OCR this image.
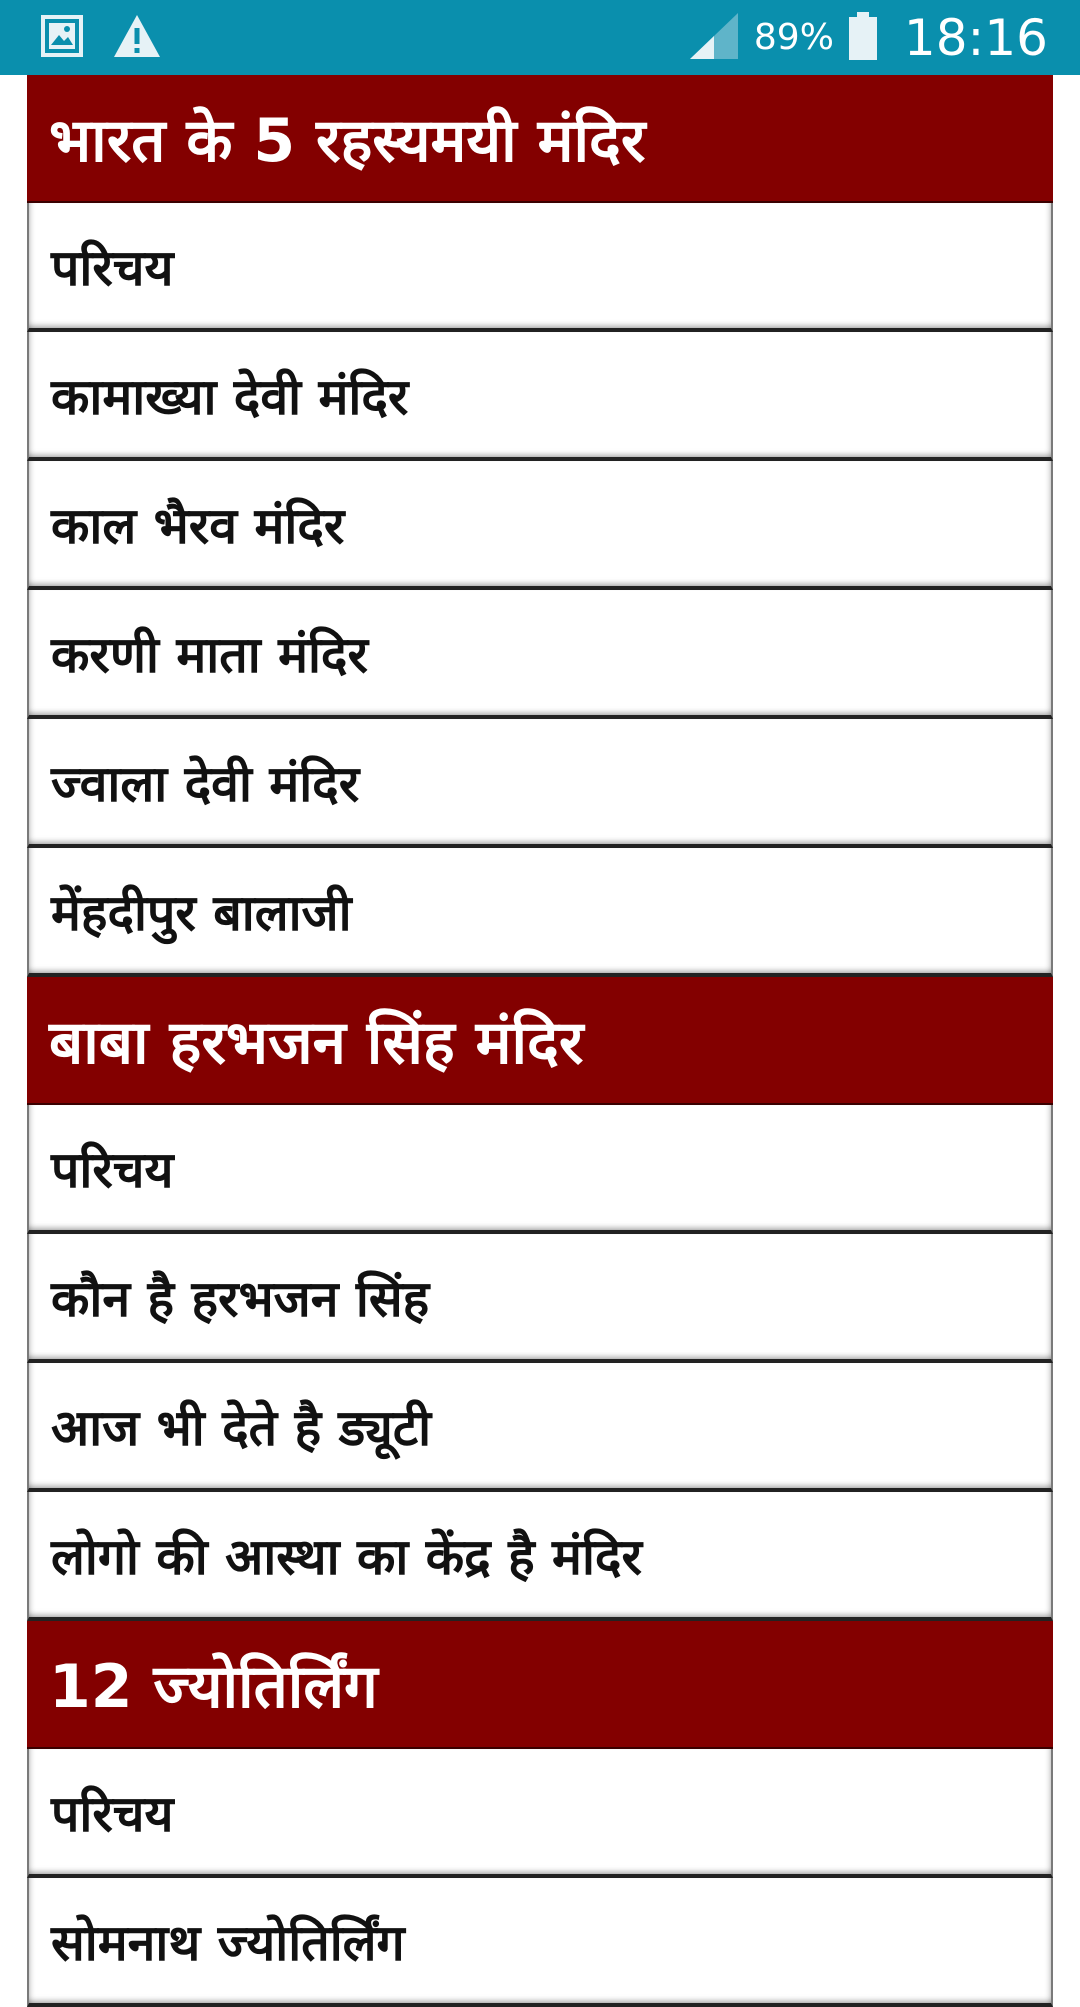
89% 18:16
भारत के 5 रहस्यमयी मंदिर
परिचय
कामाख्या देवी मंदिर
काल भैरव मंदिर
करणी माता मंदिर
ज्वाला देवी मंदिर
मेंहदीपुर बालाजी
बाबा हरभजन सिंह मंदिर
परिचय
कौन है हरभजन सिंह
आज भी देते है ड्यूटी
लोगो की आस्था का केंद्र है मंदिर
12 ज्योतिर्लिंग
परिचय
सोमनाथ ज्योतिर्लिंग
